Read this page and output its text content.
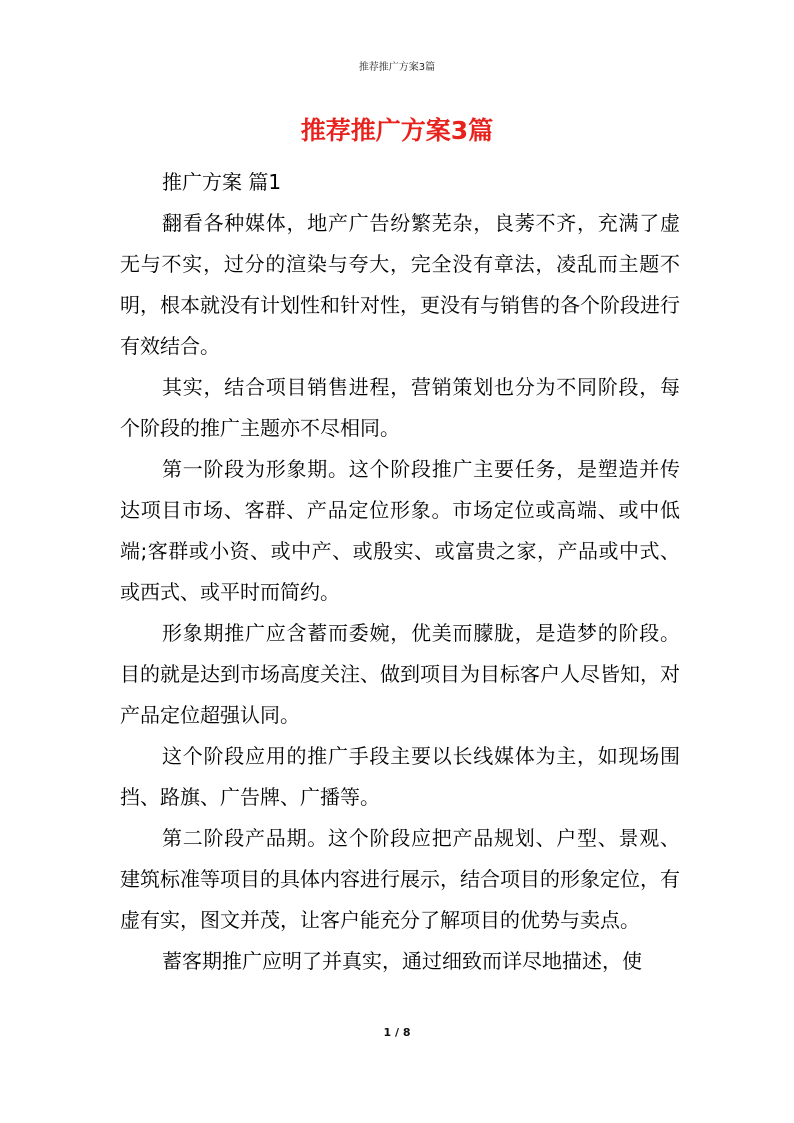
推荐推广方案3篇
推荐推广方案3篇

推广方案 篇1

翻看各种媒体，地产广告纷繁芜杂，良莠不齐，充满了虚无与不实，过分的渲染与夸大，完全没有章法，凌乱而主题不明，根本就没有计划性和针对性，更没有与销售的各个阶段进行有效结合。

其实，结合项目销售进程，营销策划也分为不同阶段，每个阶段的推广主题亦不尽相同。

第一阶段为形象期。这个阶段推广主要任务，是塑造并传达项目市场、客群、产品定位形象。市场定位或高端、或中低端;客群或小资、或中产、或殷实、或富贵之家，产品或中式、或西式、或平时而简约。

形象期推广应含蓄而委婉，优美而朦胧，是造梦的阶段。目的就是达到市场高度关注、做到项目为目标客户人尽皆知，对产品定位超强认同。

这个阶段应用的推广手段主要以长线媒体为主，如现场围挡、路旗、广告牌、广播等。

第二阶段产品期。这个阶段应把产品规划、户型、景观、建筑标准等项目的具体内容进行展示，结合项目的形象定位，有虚有实，图文并茂，让客户能充分了解项目的优势与卖点。

蓄客期推广应明了并真实，通过细致而详尽地描述，使

1 / 8
